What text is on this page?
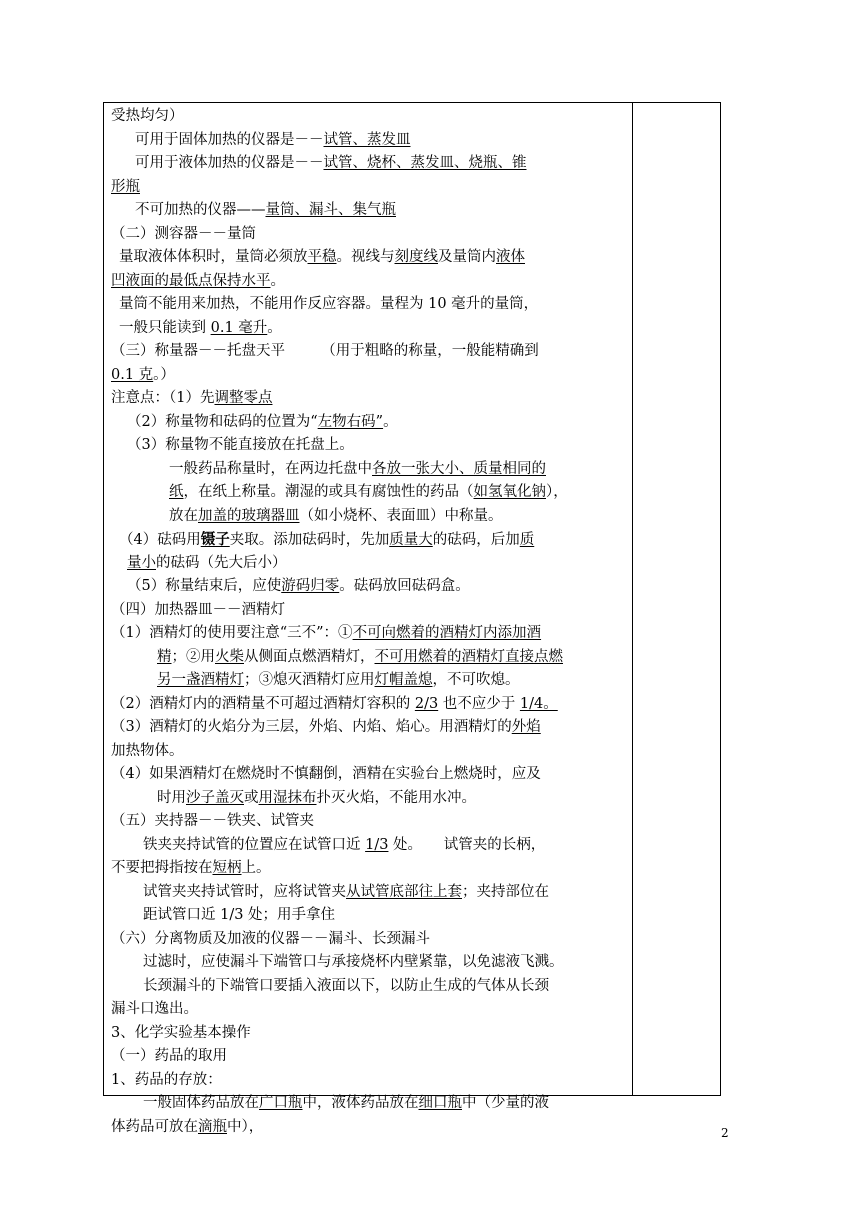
受热均匀）
可用于固体加热的仪器是－－试管、蒸发皿
可用于液体加热的仪器是－－试管、烧杯、蒸发皿、烧瓶、锥
形瓶
不可加热的仪器——量筒、漏斗、集气瓶
（二）测容器－－量筒
量取液体体积时，量筒必须放平稳。视线与刻度线及量筒内液体
凹液面的最低点保持水平。
量筒不能用来加热，不能用作反应容器。量程为 10 毫升的量筒，
一般只能读到 0.1 毫升。
（三）称量器－－托盘天平　　　（用于粗略的称量，一般能精确到
0.1 克。）
注意点：（1）先调整零点
（2）称量物和砝码的位置为“左物右码”。
（3）称量物不能直接放在托盘上。
一般药品称量时，在两边托盘中各放一张大小、质量相同的
纸，在纸上称量。潮湿的或具有腐蚀性的药品（如氢氧化钠），
放在加盖的玻璃器皿（如小烧杯、表面皿）中称量。
（4）砝码用镊子夹取。添加砝码时，先加质量大的砝码，后加质
量小的砝码（先大后小）
（5）称量结束后，应使游码归零。砝码放回砝码盒。
（四）加热器皿－－酒精灯
（1）酒精灯的使用要注意“三不”：①不可向燃着的酒精灯内添加酒
精；②用火柴从侧面点燃酒精灯，不可用燃着的酒精灯直接点燃
另一盏酒精灯；③熄灭酒精灯应用灯帽盖熄，不可吹熄。
（2）酒精灯内的酒精量不可超过酒精灯容积的 2/3 也不应少于 1/4。
（3）酒精灯的火焰分为三层，外焰、内焰、焰心。用酒精灯的外焰
加热物体。
（4）如果酒精灯在燃烧时不慎翻倒，酒精在实验台上燃烧时，应及
时用沙子盖灭或用湿抹布扑灭火焰，不能用水冲。
（五）夹持器－－铁夹、试管夹
铁夹夹持试管的位置应在试管口近 1/3 处。　　试管夹的长柄，
不要把拇指按在短柄上。
试管夹夹持试管时，应将试管夹从试管底部往上套；夹持部位在
距试管口近 1/3 处；用手拿住
（六）分离物质及加液的仪器－－漏斗、长颈漏斗
过滤时，应使漏斗下端管口与承接烧杯内壁紧靠，以免滤液飞溅。
长颈漏斗的下端管口要插入液面以下，以防止生成的气体从长颈
漏斗口逸出。
3、化学实验基本操作
（一）药品的取用
1、药品的存放：
一般固体药品放在广口瓶中，液体药品放在细口瓶中（少量的液
体药品可放在滴瓶中），	2
